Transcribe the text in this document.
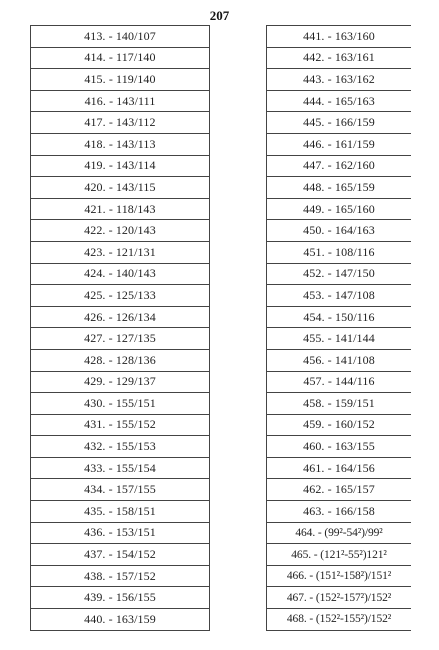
207
413. - 140/107
414. - 117/140
415. - 119/140
416. - 143/111
417. - 143/112
418. - 143/113
419. - 143/114
420. - 143/115
421. - 118/143
422. - 120/143
423. - 121/131
424. - 140/143
425. - 125/133
426. - 126/134
427. - 127/135
428. - 128/136
429. - 129/137
430. - 155/151
431. - 155/152
432. - 155/153
433. - 155/154
434. - 157/155
435. - 158/151
436. - 153/151
437. - 154/152
438. - 157/152
439. - 156/155
440. - 163/159
441. - 163/160
442. - 163/161
443. - 163/162
444. - 165/163
445. - 166/159
446. - 161/159
447. - 162/160
448. - 165/159
449. - 165/160
450. - 164/163
451. - 108/116
452. - 147/150
453. - 147/108
454. - 150/116
455. - 141/144
456. - 141/108
457. - 144/116
458. - 159/151
459. - 160/152
460. - 163/155
461. - 164/156
462. - 165/157
463. - 166/158
464. - (99²-54²)/99²
465. - (121²-55²)121²
466. - (151²-158²)/151²
467. - (152²-157²)/152²
468. - (152²-155²)/152²
